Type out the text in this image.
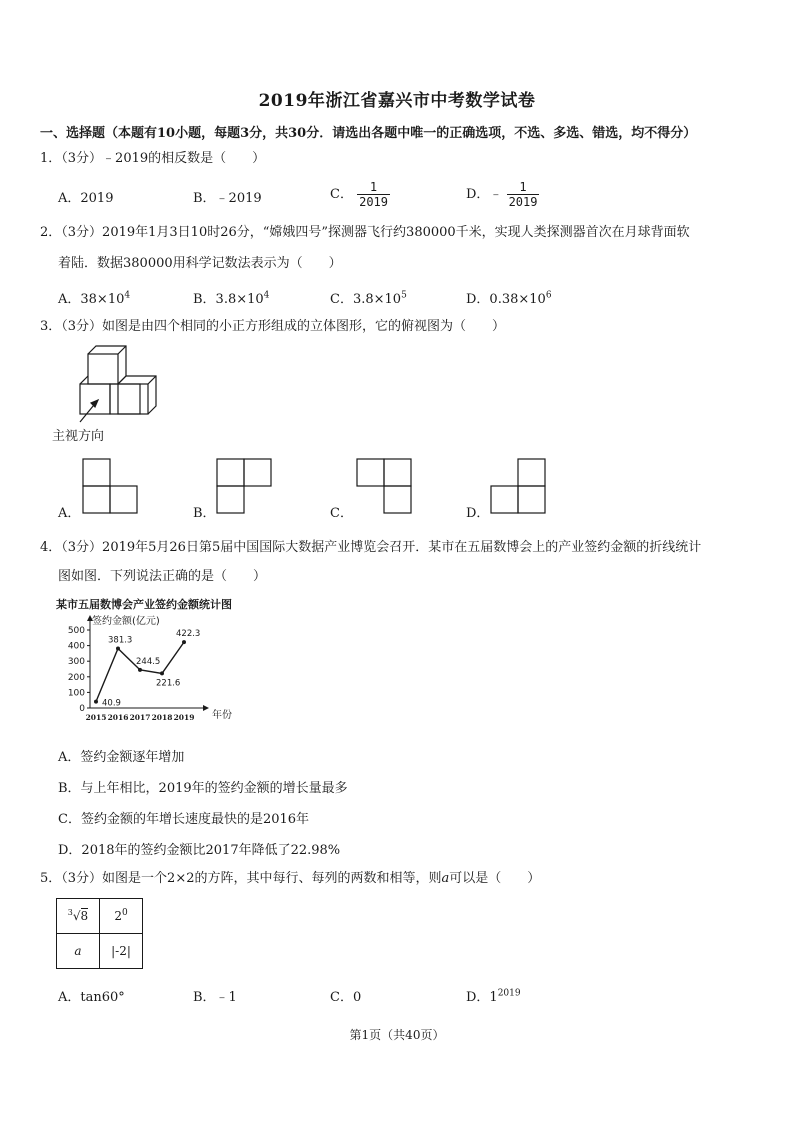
2019年浙江省嘉兴市中考数学试卷
一、选择题（本题有10小题，每题3分，共30分．请选出各题中唯一的正确选项，不选、多选、错选，均不得分）
1．（3分）﹣2019的相反数是（　　）
A．2019	B．﹣2019	C． $\frac{1}{2019}$	D．﹣ $\frac{1}{2019}$
2．（3分）2019年1月3日10时26分，“嫦娥四号”探测器飞行约380000千米，实现人类探测器首次在月球背面软
着陆．数据380000用科学记数法表示为（　　）
A．$38\times 10^4$	B．$3.8\times 10^4$	C．$3.8\times 10^5$	D．$0.38\times 10^6$
3．（3分）如图是由四个相同的小正方形组成的立体图形，它的俯视图为（　　）
主视方向
A．	B．	C．	D．
4．（3分）2019年5月26日第5届中国国际大数据产业博览会召开．某市在五届数博会上的产业签约金额的折线统计
图如图．下列说法正确的是（　　）
某市五届数博会产业签约金额统计图
0
100
200
300
400
500
2015 2016 2017 2018 2019
签约金额(亿元)
年份
40.9
381.3
244.5
221.6
422.3
A．签约金额逐年增加
B．与上年相比，2019年的签约金额的增长量最多
C．签约金额的年增长速度最快的是2016年
D．2018年的签约金额比2017年降低了22.98%
5．（3分）如图是一个2×2的方阵，其中每行、每列的两数和相等，则a可以是（　　）
$^3$√8	$2^0$
a	|-2|
A．tan60°	B．﹣1	C．0	D．$1^{2019}$
第1页（共40页）
